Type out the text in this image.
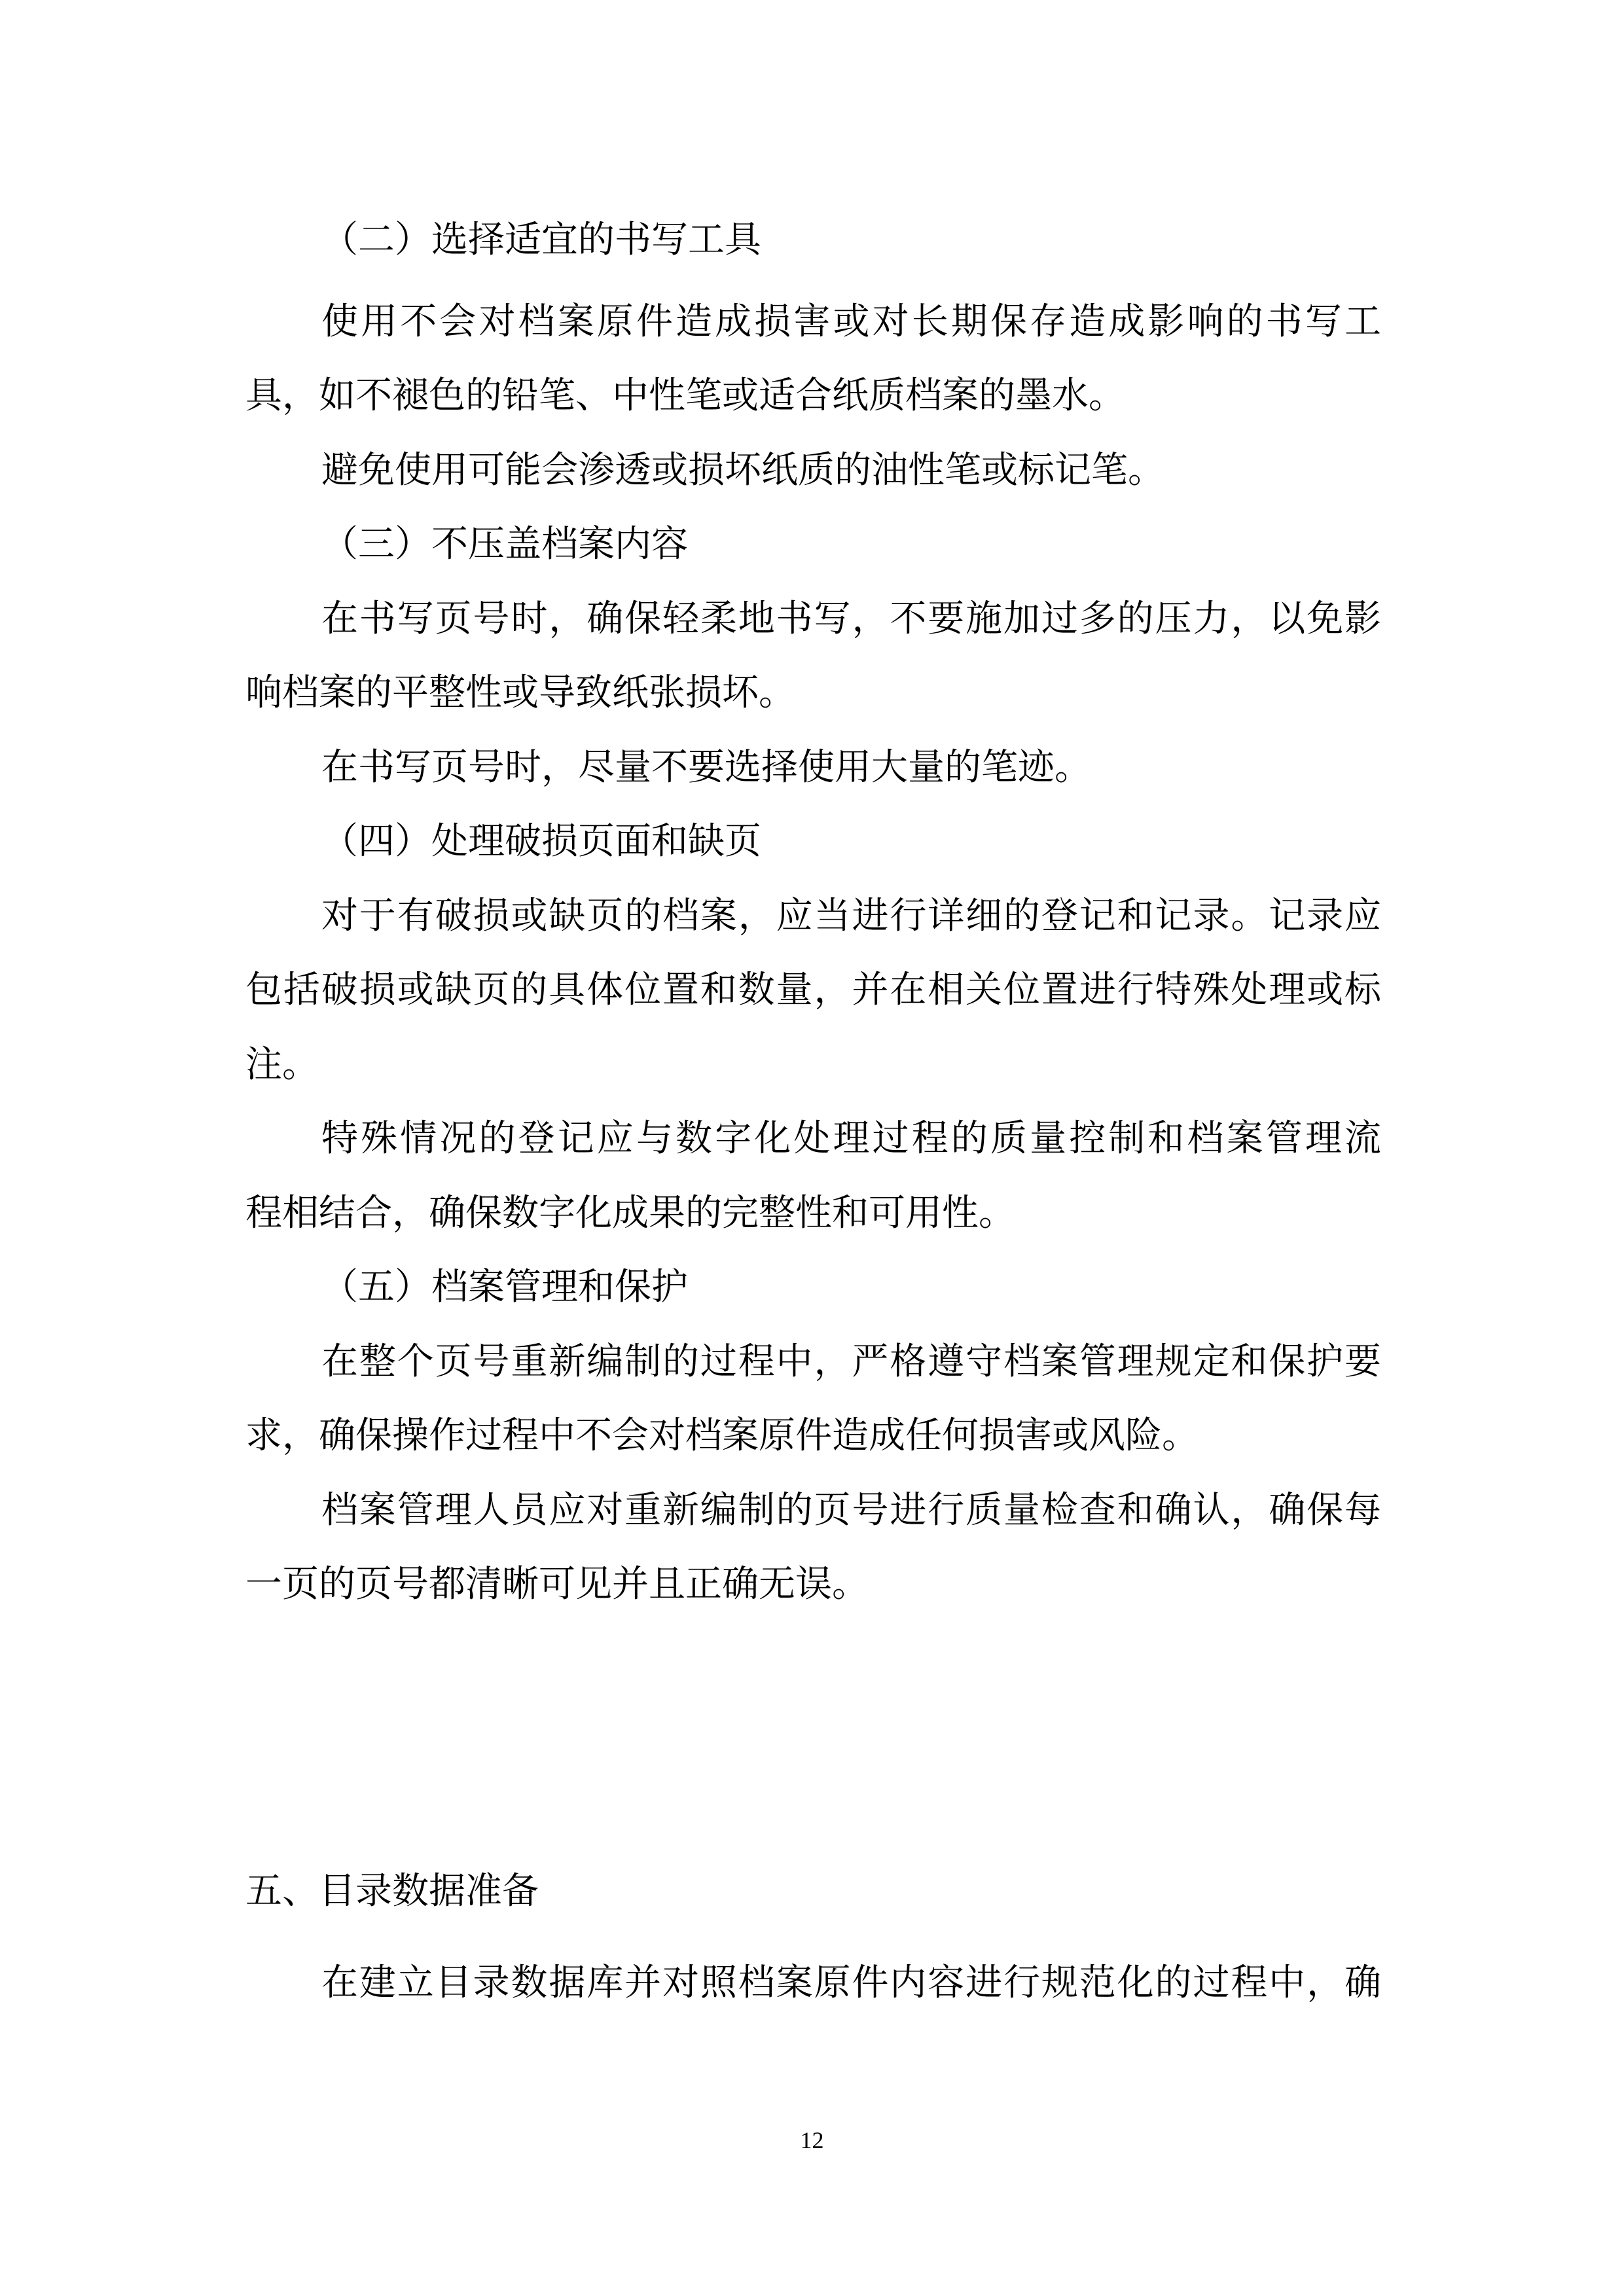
（二）选择适宜的书写工具
使用不会对档案原件造成损害或对长期保存造成影响的书写工
具，如不褪色的铅笔、中性笔或适合纸质档案的墨水。
避免使用可能会渗透或损坏纸质的油性笔或标记笔。
（三）不压盖档案内容
在书写页号时，确保轻柔地书写，不要施加过多的压力，以免影
响档案的平整性或导致纸张损坏。
在书写页号时，尽量不要选择使用大量的笔迹。
（四）处理破损页面和缺页
对于有破损或缺页的档案，应当进行详细的登记和记录。记录应
包括破损或缺页的具体位置和数量，并在相关位置进行特殊处理或标
注。
特殊情况的登记应与数字化处理过程的质量控制和档案管理流
程相结合，确保数字化成果的完整性和可用性。
（五）档案管理和保护
在整个页号重新编制的过程中，严格遵守档案管理规定和保护要
求，确保操作过程中不会对档案原件造成任何损害或风险。
档案管理人员应对重新编制的页号进行质量检查和确认，确保每
一页的页号都清晰可见并且正确无误。
五、目录数据准备
在建立目录数据库并对照档案原件内容进行规范化的过程中，确
12
